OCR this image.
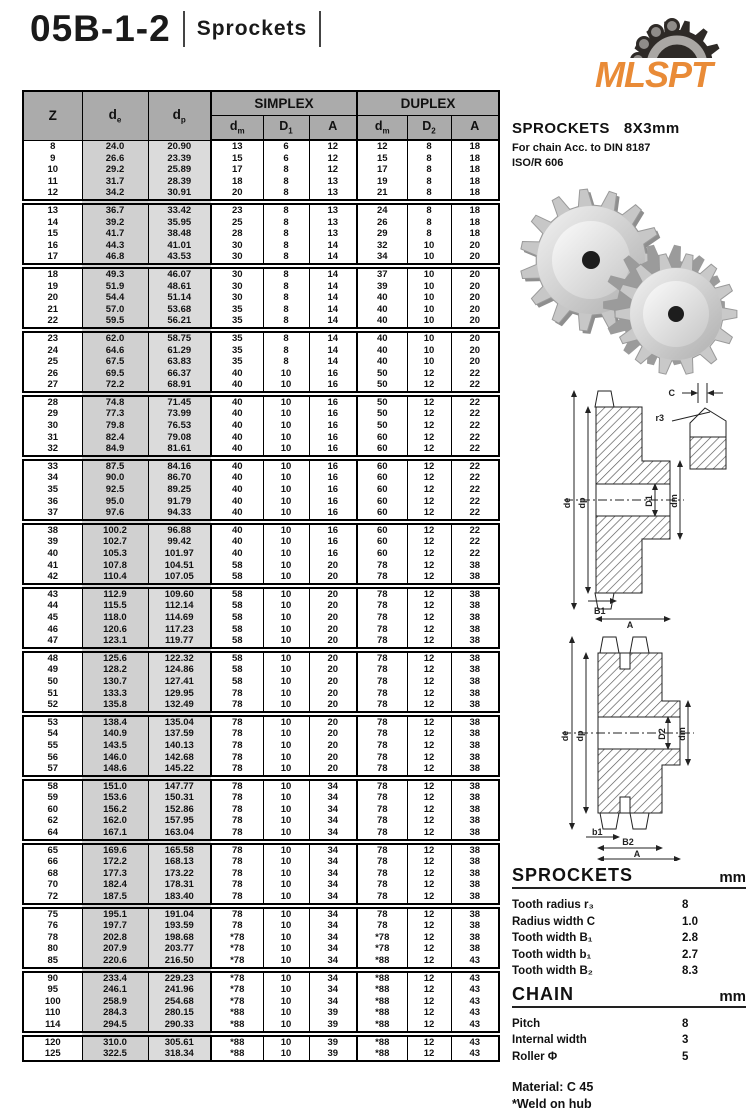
05B-1-2 Sprockets
MLSPT
Z	$d_e$	$d_p$	SIMPLEX			DUPLEX		
			$d_m$	$D_1$	A	$d_m$	$D_2$	A
8	24.0	20.90	13	6	12	12	8	18
9	26.6	23.39	15	6	12	15	8	18
10	29.2	25.89	17	8	12	17	8	18
11	31.7	28.39	18	8	13	19	8	18
12	34.2	30.91	20	8	13	21	8	18
13	36.7	33.42	23	8	13	24	8	18
14	39.2	35.95	25	8	13	26	8	18
15	41.7	38.48	28	8	13	29	8	18
16	44.3	41.01	30	8	14	32	10	20
17	46.8	43.53	30	8	14	34	10	20
18	49.3	46.07	30	8	14	37	10	20
19	51.9	48.61	30	8	14	39	10	20
20	54.4	51.14	30	8	14	40	10	20
21	57.0	53.68	35	8	14	40	10	20
22	59.5	56.21	35	8	14	40	10	20
23	62.0	58.75	35	8	14	40	10	20
24	64.6	61.29	35	8	14	40	10	20
25	67.5	63.83	35	8	14	40	10	20
26	69.5	66.37	40	10	16	50	12	22
27	72.2	68.91	40	10	16	50	12	22
28	74.8	71.45	40	10	16	50	12	22
29	77.3	73.99	40	10	16	50	12	22
30	79.8	76.53	40	10	16	50	12	22
31	82.4	79.08	40	10	16	60	12	22
32	84.9	81.61	40	10	16	60	12	22
33	87.5	84.16	40	10	16	60	12	22
34	90.0	86.70	40	10	16	60	12	22
35	92.5	89.25	40	10	16	60	12	22
36	95.0	91.79	40	10	16	60	12	22
37	97.6	94.33	40	10	16	60	12	22
38	100.2	96.88	40	10	16	60	12	22
39	102.7	99.42	40	10	16	60	12	22
40	105.3	101.97	40	10	16	60	12	22
41	107.8	104.51	58	10	20	78	12	38
42	110.4	107.05	58	10	20	78	12	38
43	112.9	109.60	58	10	20	78	12	38
44	115.5	112.14	58	10	20	78	12	38
45	118.0	114.69	58	10	20	78	12	38
46	120.6	117.23	58	10	20	78	12	38
47	123.1	119.77	58	10	20	78	12	38
48	125.6	122.32	58	10	20	78	12	38
49	128.2	124.86	58	10	20	78	12	38
50	130.7	127.41	58	10	20	78	12	38
51	133.3	129.95	78	10	20	78	12	38
52	135.8	132.49	78	10	20	78	12	38
53	138.4	135.04	78	10	20	78	12	38
54	140.9	137.59	78	10	20	78	12	38
55	143.5	140.13	78	10	20	78	12	38
56	146.0	142.68	78	10	20	78	12	38
57	148.6	145.22	78	10	20	78	12	38
58	151.0	147.77	78	10	34	78	12	38
59	153.6	150.31	78	10	34	78	12	38
60	156.2	152.86	78	10	34	78	12	38
62	162.0	157.95	78	10	34	78	12	38
64	167.1	163.04	78	10	34	78	12	38
65	169.6	165.58	78	10	34	78	12	38
66	172.2	168.13	78	10	34	78	12	38
68	177.3	173.22	78	10	34	78	12	38
70	182.4	178.31	78	10	34	78	12	38
72	187.5	183.40	78	10	34	78	12	38
75	195.1	191.04	78	10	34	78	12	38
76	197.7	193.59	78	10	34	78	12	38
78	202.8	198.68	*78	10	34	*78	12	38
80	207.9	203.77	*78	10	34	*78	12	38
85	220.6	216.50	*78	10	34	*88	12	43
90	233.4	229.23	*78	10	34	*88	12	43
95	246.1	241.96	*78	10	34	*88	12	43
100	258.9	254.68	*78	10	34	*88	12	43
110	284.3	280.15	*88	10	39	*88	12	43
114	294.5	290.33	*88	10	39	*88	12	43
120	310.0	305.61	*88	10	39	*88	12	43
125	322.5	318.34	*88	10	39	*88	12	43
SPROCKETS 8X3mm
For chain Acc. to DIN 8187
ISO/R 606
de dp	D1 dm
B1
A
C
r3
de dp	D2 dm
b1
B2
A
SPROCKETS	mm
Tooth radius r₃	8
Radius width C	1.0
Tooth width B₁	2.8
Tooth width b₁	2.7
Tooth width B₂	8.3
CHAIN	mm
Pitch	8
Internal width	3
Roller Φ	5
Material: C 45
*Weld on hub
